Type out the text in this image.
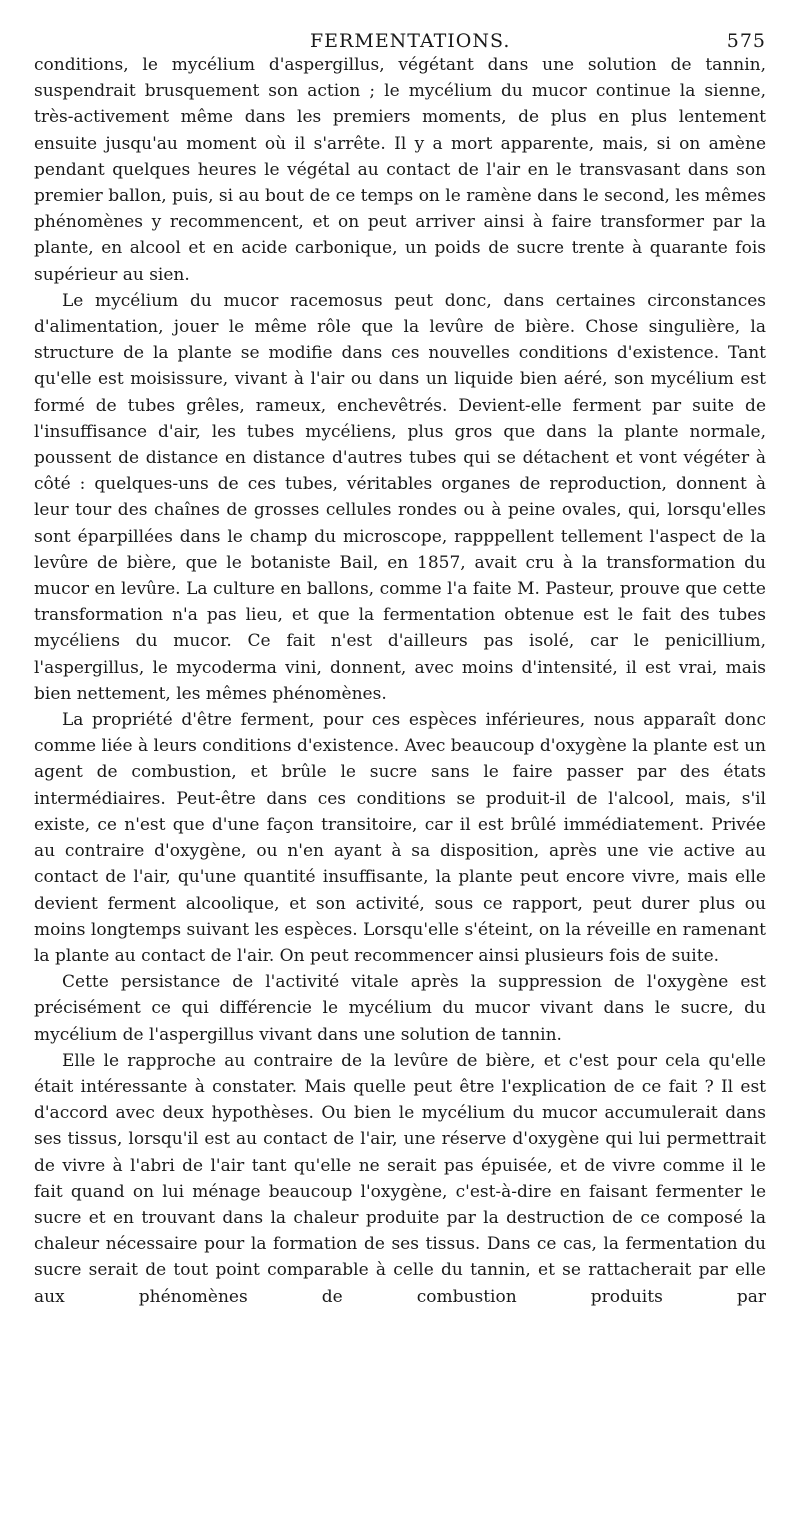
FERMENTATIONS.	575

conditions, le mycélium d'aspergillus, végétant dans une solution de tannin, suspendrait brusquement son action ; le mycélium du mucor continue la sienne, très-activement même dans les premiers moments, de plus en plus lentement ensuite jusqu'au moment où il s'arrête. Il y a mort apparente, mais, si on amène pendant quelques heures le végétal au contact de l'air en le transvasant dans son premier ballon, puis, si au bout de ce temps on le ramène dans le second, les mêmes phénomènes y recommencent, et on peut arriver ainsi à faire transformer par la plante, en alcool et en acide carbonique, un poids de sucre trente à quarante fois supérieur au sien.

Le mycélium du mucor racemosus peut donc, dans certaines circonstances d'alimentation, jouer le même rôle que la levûre de bière. Chose singulière, la structure de la plante se modifie dans ces nouvelles conditions d'existence. Tant qu'elle est moisissure, vivant à l'air ou dans un liquide bien aéré, son mycélium est formé de tubes grêles, rameux, enchevêtrés. Devient-elle ferment par suite de l'insuffisance d'air, les tubes mycéliens, plus gros que dans la plante normale, poussent de distance en distance d'autres tubes qui se détachent et vont végéter à côté : quelques-uns de ces tubes, véritables organes de reproduction, donnent à leur tour des chaînes de grosses cellules rondes ou à peine ovales, qui, lorsqu'elles sont éparpillées dans le champ du microscope, rapppellent tellement l'aspect de la levûre de bière, que le botaniste Bail, en 1857, avait cru à la transformation du mucor en levûre. La culture en ballons, comme l'a faite M. Pasteur, prouve que cette transformation n'a pas lieu, et que la fermentation obtenue est le fait des tubes mycéliens du mucor. Ce fait n'est d'ailleurs pas isolé, car le penicillium, l'aspergillus, le mycoderma vini, donnent, avec moins d'intensité, il est vrai, mais bien nettement, les mêmes phénomènes.

La propriété d'être ferment, pour ces espèces inférieures, nous apparaît donc comme liée à leurs conditions d'existence. Avec beaucoup d'oxygène la plante est un agent de combustion, et brûle le sucre sans le faire passer par des états intermédiaires. Peut-être dans ces conditions se produit-il de l'alcool, mais, s'il existe, ce n'est que d'une façon transitoire, car il est brûlé immédiatement. Privée au contraire d'oxygène, ou n'en ayant à sa disposition, après une vie active au contact de l'air, qu'une quantité insuffisante, la plante peut encore vivre, mais elle devient ferment alcoolique, et son activité, sous ce rapport, peut durer plus ou moins longtemps suivant les espèces. Lorsqu'elle s'éteint, on la réveille en ramenant la plante au contact de l'air. On peut recommencer ainsi plusieurs fois de suite.

Cette persistance de l'activité vitale après la suppression de l'oxygène est précisément ce qui différencie le mycélium du mucor vivant dans le sucre, du mycélium de l'aspergillus vivant dans une solution de tannin.

Elle le rapproche au contraire de la levûre de bière, et c'est pour cela qu'elle était intéressante à constater. Mais quelle peut être l'explication de ce fait ? Il est d'accord avec deux hypothèses. Ou bien le mycélium du mucor accumulerait dans ses tissus, lorsqu'il est au contact de l'air, une réserve d'oxygène qui lui permettrait de vivre à l'abri de l'air tant qu'elle ne serait pas épuisée, et de vivre comme il le fait quand on lui ménage beaucoup l'oxygène, c'est-à-dire en faisant fermenter le sucre et en trouvant dans la chaleur produite par la destruction de ce composé la chaleur nécessaire pour la formation de ses tissus. Dans ce cas, la fermentation du sucre serait de tout point comparable à celle du tannin, et se rattacherait par elle aux phénomènes de combustion produits par
